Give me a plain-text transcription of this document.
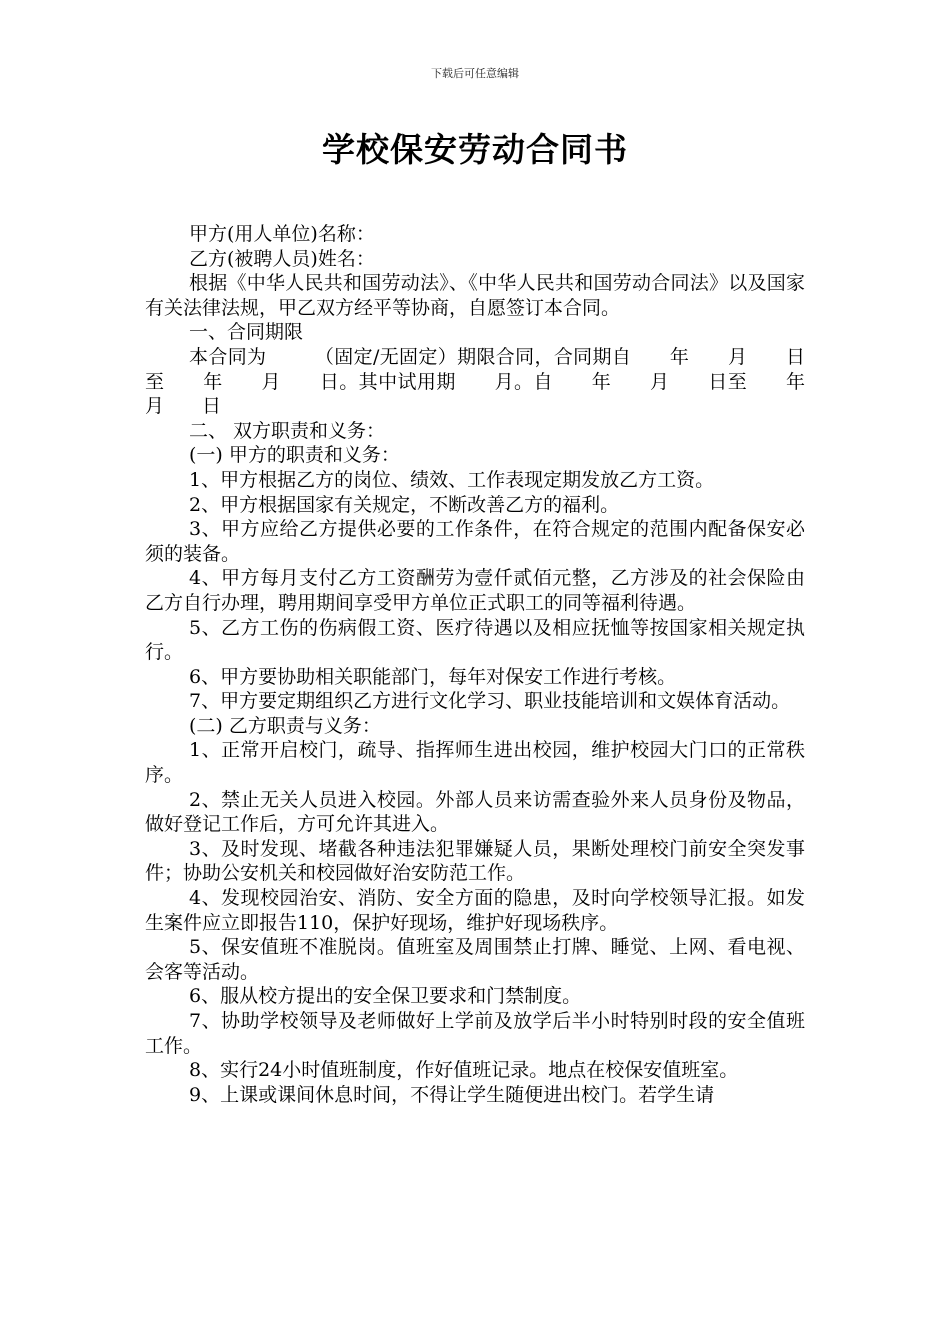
下载后可任意编辑
学校保安劳动合同书

甲方(用人单位)名称：

乙方(被聘人员)姓名：

根据《中华人民共和国劳动法》、《中华人民共和国劳动合同法》以及国家有关法律法规，甲乙双方经平等协商，自愿签订本合同。

一、合同期限

本合同为　　　（固定/无固定）期限合同，合同期自　　年　　月　　日至　　年　　月　　日。其中试用期　　月。自　　年　　月　　日至　　年　　月　　日

二、 双方职责和义务：

(一) 甲方的职责和义务：

1、甲方根据乙方的岗位、绩效、工作表现定期发放乙方工资。

2、甲方根据国家有关规定，不断改善乙方的福利。

3、甲方应给乙方提供必要的工作条件，在符合规定的范围内配备保安必须的装备。

4、甲方每月支付乙方工资酬劳为壹仟贰佰元整，乙方涉及的社会保险由乙方自行办理，聘用期间享受甲方单位正式职工的同等福利待遇。

5、乙方工伤的伤病假工资、医疗待遇以及相应抚恤等按国家相关规定执行。

6、甲方要协助相关职能部门，每年对保安工作进行考核。

7、甲方要定期组织乙方进行文化学习、职业技能培训和文娱体育活动。

(二) 乙方职责与义务：

1、正常开启校门，疏导、指挥师生进出校园，维护校园大门口的正常秩序。

2、禁止无关人员进入校园。外部人员来访需查验外来人员身份及物品，做好登记工作后，方可允许其进入。

3、及时发现、堵截各种违法犯罪嫌疑人员，果断处理校门前安全突发事件；协助公安机关和校园做好治安防范工作。

4、发现校园治安、消防、安全方面的隐患，及时向学校领导汇报。如发生案件应立即报告110，保护好现场，维护好现场秩序。

5、保安值班不准脱岗。值班室及周围禁止打牌、睡觉、上网、看电视、会客等活动。

6、服从校方提出的安全保卫要求和门禁制度。

7、协助学校领导及老师做好上学前及放学后半小时特别时段的安全值班工作。

8、实行24小时值班制度，作好值班记录。地点在校保安值班室。

9、上课或课间休息时间，不得让学生随便进出校门。若学生请
